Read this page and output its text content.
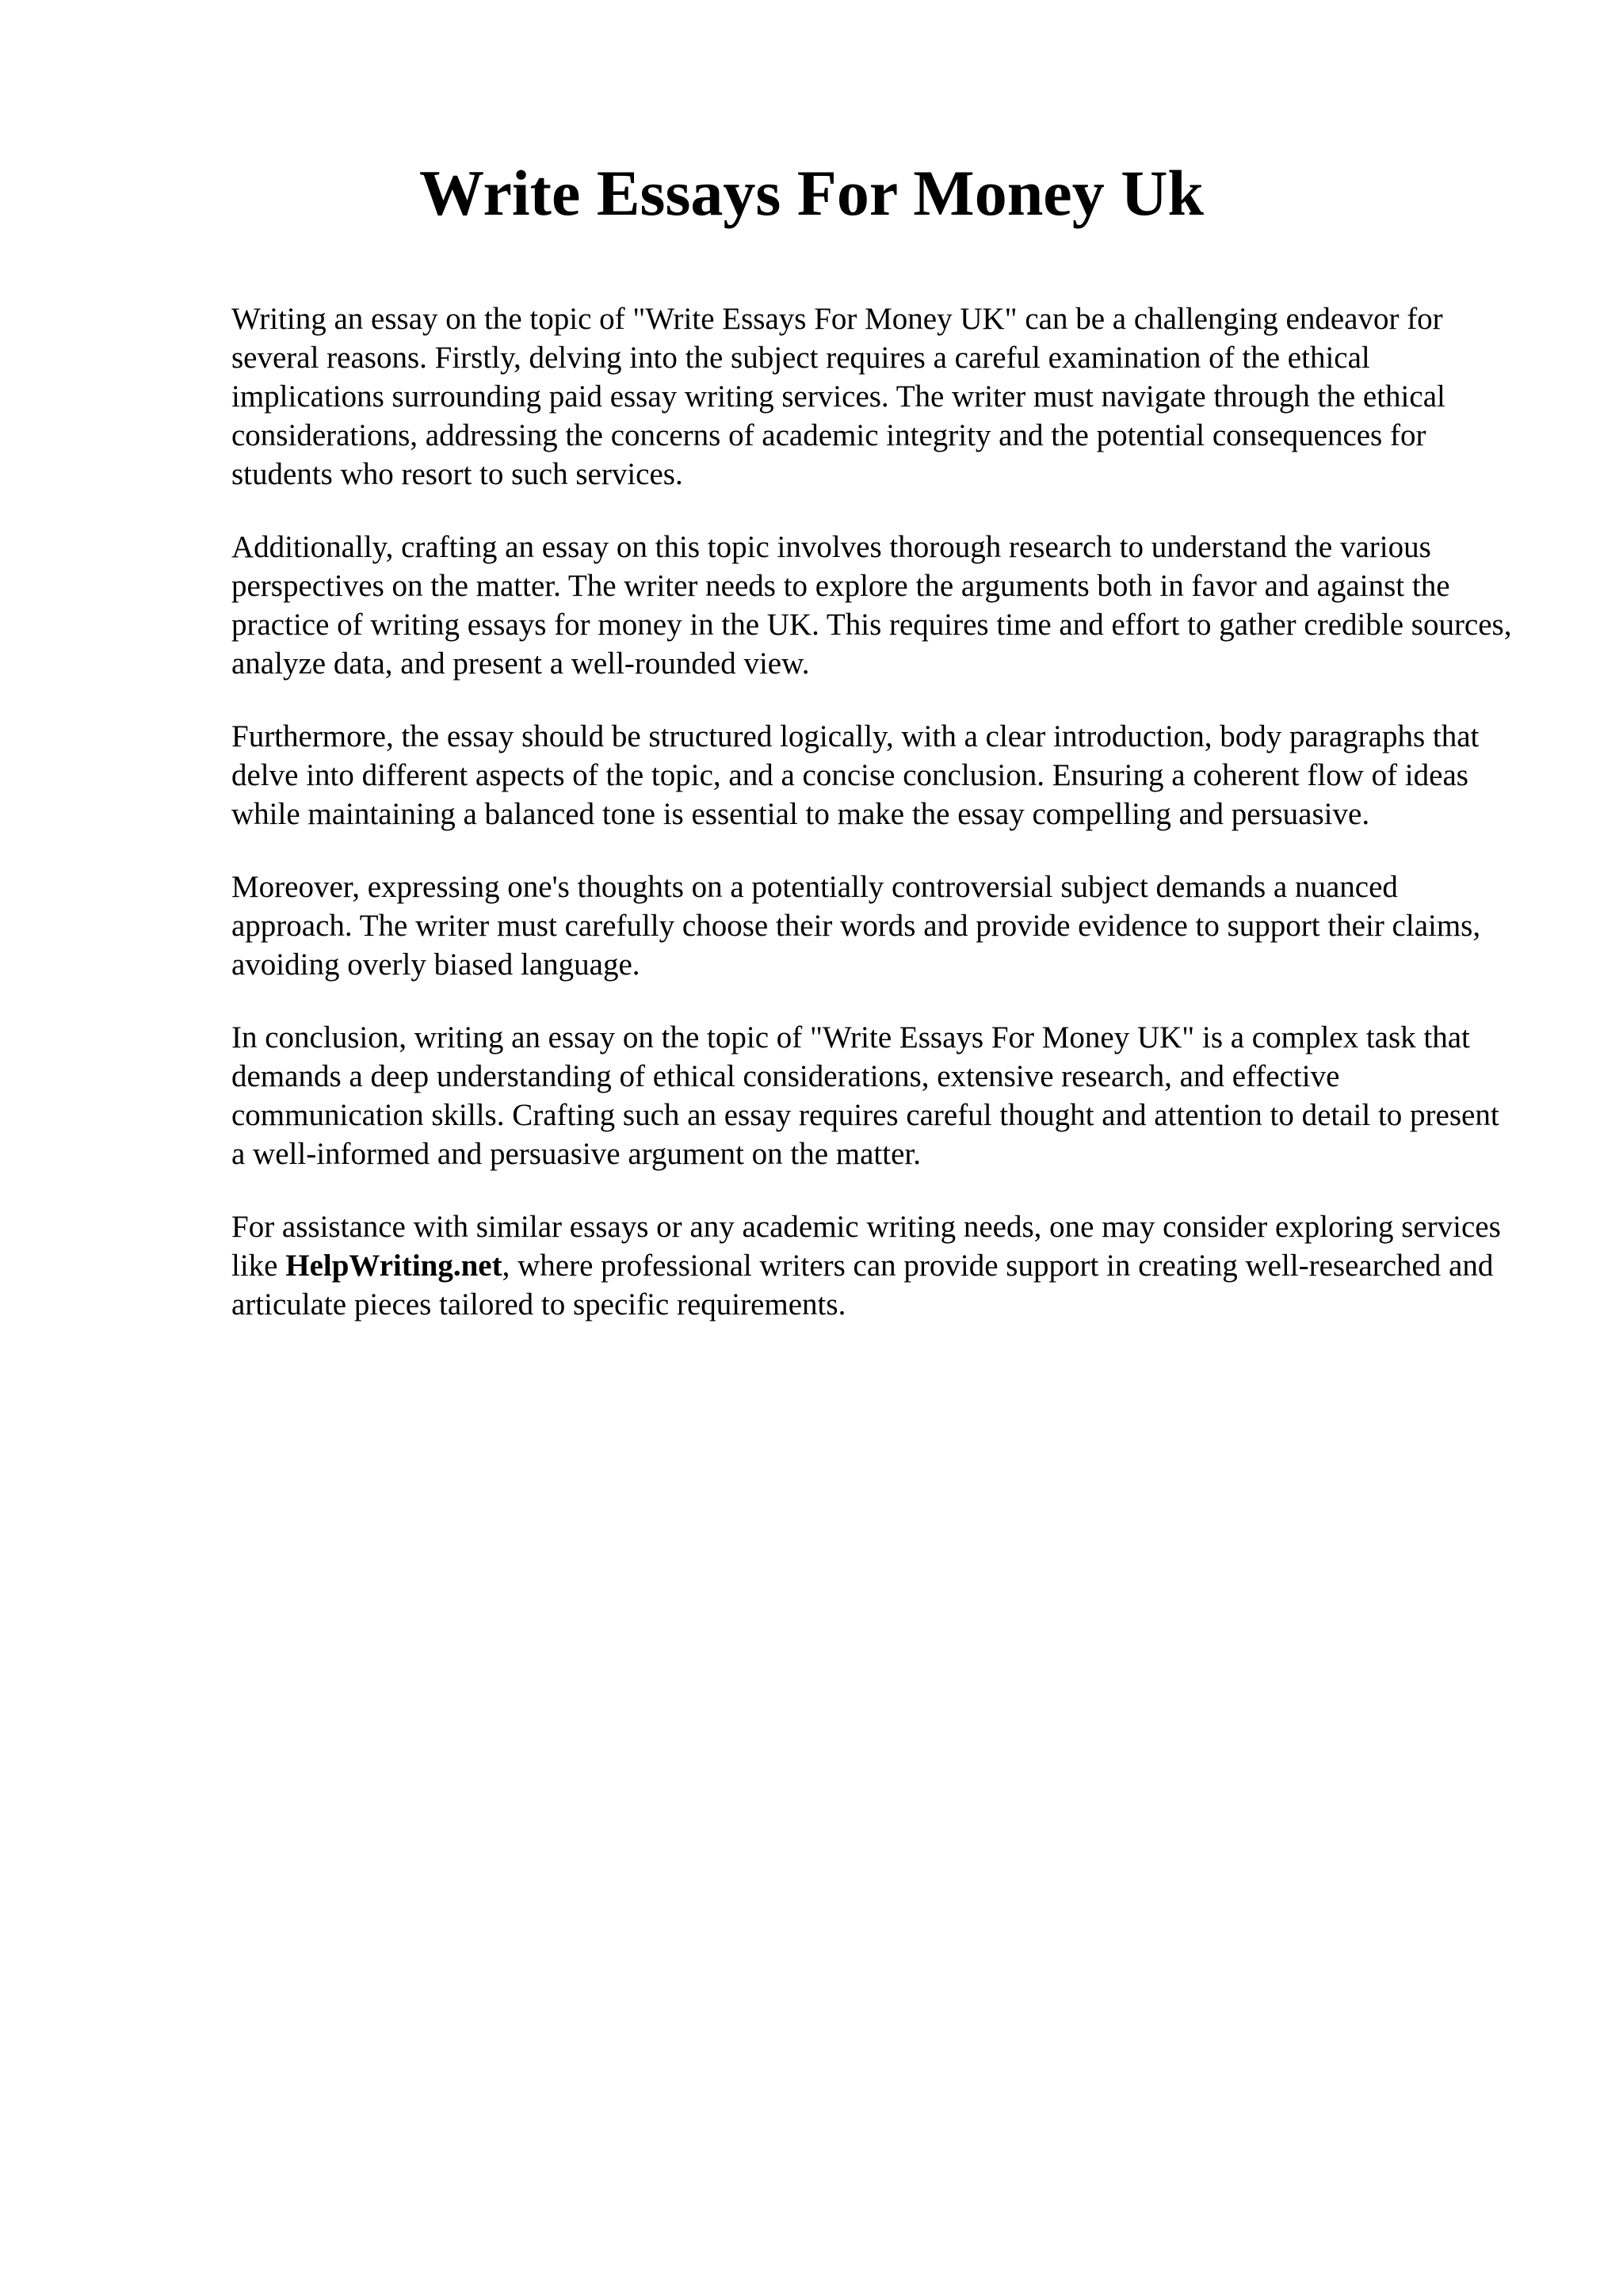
Write Essays For Money Uk

Writing an essay on the topic of "Write Essays For Money UK" can be a challenging endeavor for several reasons. Firstly, delving into the subject requires a careful examination of the ethical implications surrounding paid essay writing services. The writer must navigate through the ethical considerations, addressing the concerns of academic integrity and the potential consequences for students who resort to such services.

Additionally, crafting an essay on this topic involves thorough research to understand the various perspectives on the matter. The writer needs to explore the arguments both in favor and against the practice of writing essays for money in the UK. This requires time and effort to gather credible sources, analyze data, and present a well-rounded view.

Furthermore, the essay should be structured logically, with a clear introduction, body paragraphs that delve into different aspects of the topic, and a concise conclusion. Ensuring a coherent flow of ideas while maintaining a balanced tone is essential to make the essay compelling and persuasive.

Moreover, expressing one's thoughts on a potentially controversial subject demands a nuanced approach. The writer must carefully choose their words and provide evidence to support their claims, avoiding overly biased language.

In conclusion, writing an essay on the topic of "Write Essays For Money UK" is a complex task that demands a deep understanding of ethical considerations, extensive research, and effective communication skills. Crafting such an essay requires careful thought and attention to detail to present a well-informed and persuasive argument on the matter.

For assistance with similar essays or any academic writing needs, one may consider exploring services like HelpWriting.net, where professional writers can provide support in creating well-researched and articulate pieces tailored to specific requirements.
